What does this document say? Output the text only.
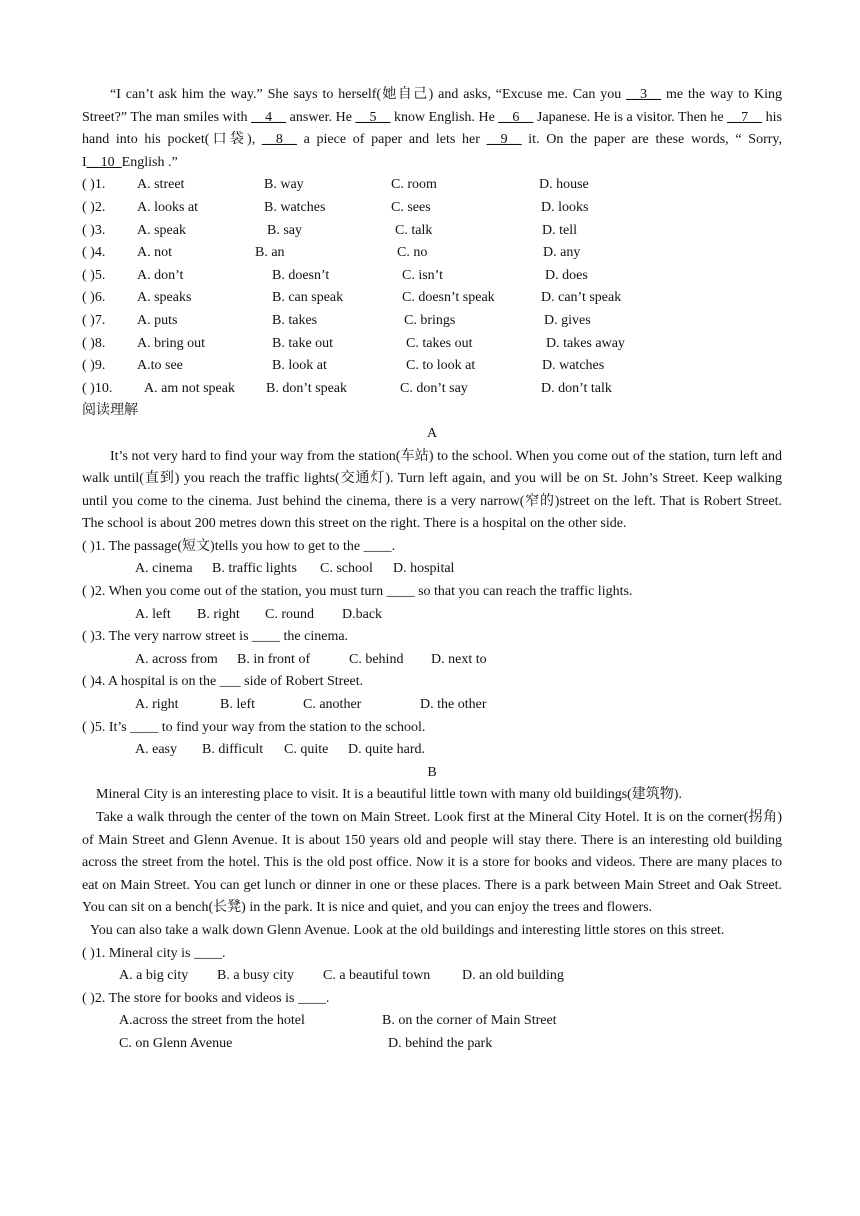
“I can’t ask him the way.” She says to herself(她自己) and asks, “Excuse me. Can you __3__ me the way to King Street?” The man smiles with __4__ answer. He __5__ know English. He __6__ Japanese. He is a visitor. Then he __7__ his hand into his pocket(口袋), __8__ a piece of paper and lets her __9__ it. On the paper are these words, “ Sorry, I__10_English .”

( )1. A. street	B. way	C. room	D. house
( )2. A. looks at	B. watches	C. sees	D. looks
( )3. A. speak	B. say	C. talk	D. tell
( )4. A. not	B. an	C. no	D. any
( )5. A. don’t	B. doesn’t	C. isn’t	D. does
( )6. A. speaks	B. can speak	C. doesn’t speak	D. can’t speak
( )7. A. puts	B. takes	C. brings	D. gives
( )8. A. bring out	B. take out	C. takes out	D. takes away
( )9. A.to see	B. look at	C. to look at	D. watches
( )10. A. am not speak B. don’t speak	C. don’t say	D. don’t talk

阅读理解

A

It’s not very hard to find your way from the station(车站) to the school. When you come out of the station, turn left and walk until(直到) you reach the traffic lights(交通灯). Turn left again, and you will be on St. John’s Street. Keep walking until you come to the cinema. Just behind the cinema, there is a very narrow(窄的)street on the left. That is Robert Street. The school is about 200 metres down this street on the right. There is a hospital on the other side.

( )1. The passage(短文)tells you how to get to the ____.

A. cinema B. traffic lights C. school D. hospital

( )2. When you come out of the station, you must turn ____ so that you can reach the traffic lights.

A. left B. right C. round D.back

( )3. The very narrow street is ____ the cinema.

A. across from B. in front of	C. behind D. next to

( )4. A hospital is on the ___ side of Robert Street.

A. right	B. left	C. another	D. the other

( )5. It’s ____ to find your way from the station to the school.

A. easy B. difficult C. quite D. quite hard.

B

Mineral City is an interesting place to visit. It is a beautiful little town with many old buildings(建筑物).

Take a walk through the center of the town on Main Street. Look first at the Mineral City Hotel. It is on the corner(拐角) of Main Street and Glenn Avenue. It is about 150 years old and people will stay there. There is an interesting old building across the street from the hotel. This is the old post office. Now it is a store for books and videos. There are many places to eat on Main Street. You can get lunch or dinner in one or these places. There is a park between Main Street and Oak Street. You can sit on a bench(长凳) in the park. It is nice and quiet, and you can enjoy the trees and flowers.

You can also take a walk down Glenn Avenue. Look at the old buildings and interesting little stores on this street.

( )1. Mineral city is ____.

A. a big city B. a busy city C. a beautiful town D. an old building

( )2. The store for books and videos is ____.

A.across the street from the hotel	B. on the corner of Main Street
C. on Glenn Avenue	D. behind the park
